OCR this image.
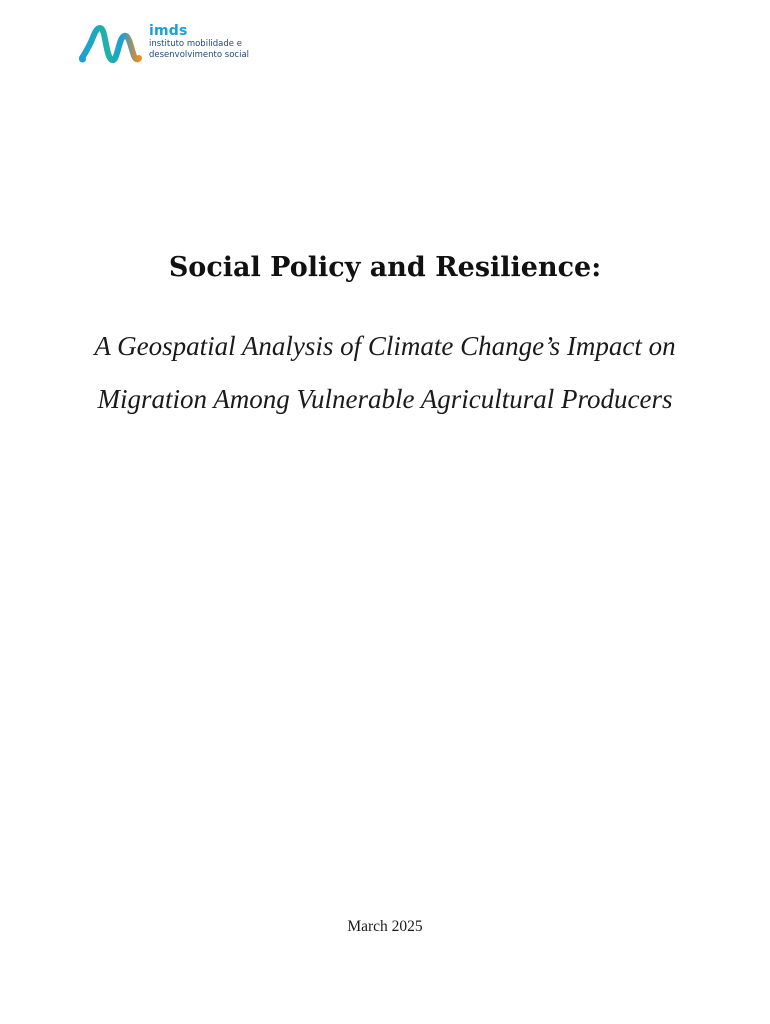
imds
instituto mobilidade e
desenvolvimento social
Social Policy and Resilience:
A Geospatial Analysis of Climate Change’s Impact on Migration Among Vulnerable Agricultural Producers
March 2025
